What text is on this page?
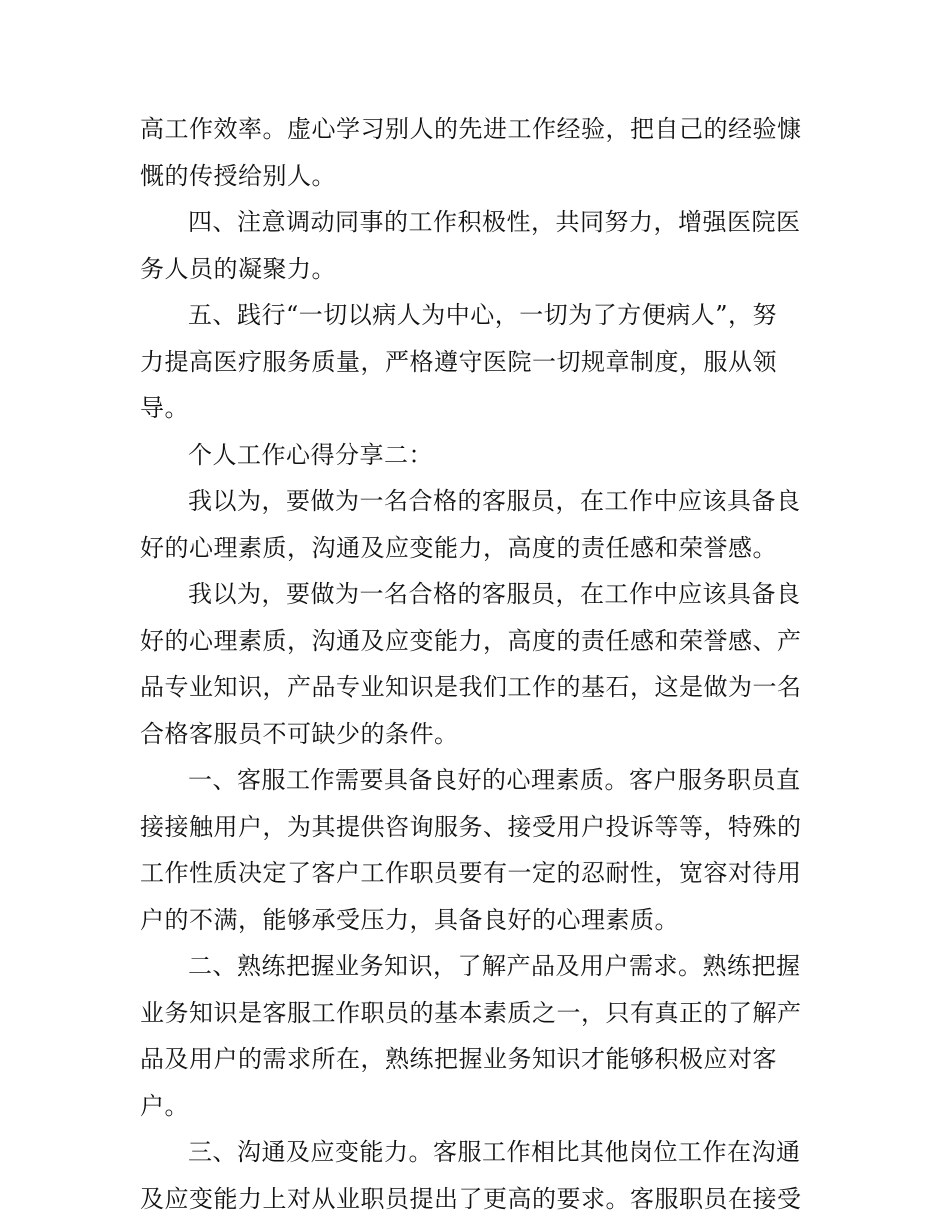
高工作效率。虚心学习别人的先进工作经验，把自己的经验慷

慨的传授给别人。

四、注意调动同事的工作积极性，共同努力，增强医院医

务人员的凝聚力。

五、践行“一切以病人为中心，一切为了方便病人”，努

力提高医疗服务质量，严格遵守医院一切规章制度，服从领

导。

个人工作心得分享二：

我以为，要做为一名合格的客服员，在工作中应该具备良

好的心理素质，沟通及应变能力，高度的责任感和荣誉感。

我以为，要做为一名合格的客服员，在工作中应该具备良

好的心理素质，沟通及应变能力，高度的责任感和荣誉感、产

品专业知识，产品专业知识是我们工作的基石，这是做为一名

合格客服员不可缺少的条件。

一、客服工作需要具备良好的心理素质。客户服务职员直

接接触用户，为其提供咨询服务、接受用户投诉等等，特殊的

工作性质决定了客户工作职员要有一定的忍耐性，宽容对待用

户的不满，能够承受压力，具备良好的心理素质。

二、熟练把握业务知识，了解产品及用户需求。熟练把握

业务知识是客服工作职员的基本素质之一，只有真正的了解产

品及用户的需求所在，熟练把握业务知识才能够积极应对客

户。

三、沟通及应变能力。客服工作相比其他岗位工作在沟通

及应变能力上对从业职员提出了更高的要求。客服职员在接受
